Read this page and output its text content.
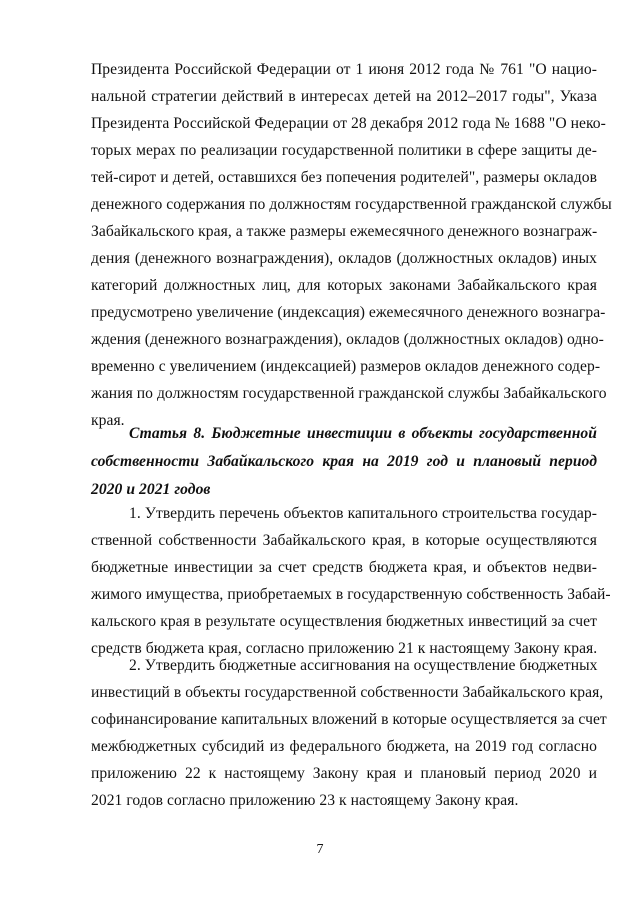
Президента Российской Федерации от 1 июня 2012 года № 761 "О нацио-
нальной стратегии действий в интересах детей на 2012–2017 годы", Указа
Президента Российской Федерации от 28 декабря 2012 года № 1688 "О неко-
торых мерах по реализации государственной политики в сфере защиты де-
тей-сирот и детей, оставшихся без попечения родителей", размеры окладов
денежного содержания по должностям государственной гражданской службы
Забайкальского края, а также размеры ежемесячного денежного вознаграж-
дения (денежного вознаграждения), окладов (должностных окладов) иных
категорий должностных лиц, для которых законами Забайкальского края
предусмотрено увеличение (индексация) ежемесячного денежного вознагра-
ждения (денежного вознаграждения), окладов (должностных окладов) одно-
временно с увеличением (индексацией) размеров окладов денежного содер-
жания по должностям государственной гражданской службы Забайкальского
края.
Статья 8. Бюджетные инвестиции в объекты государственной
собственности Забайкальского края на 2019 год и плановый период
2020 и 2021 годов
1. Утвердить перечень объектов капитального строительства государ-
ственной собственности Забайкальского края, в которые осуществляются
бюджетные инвестиции за счет средств бюджета края, и объектов недви-
жимого имущества, приобретаемых в государственную собственность Забай-
кальского края в результате осуществления бюджетных инвестиций за счет
средств бюджета края, согласно приложению 21 к настоящему Закону края.
2. Утвердить бюджетные ассигнования на осуществление бюджетных
инвестиций в объекты государственной собственности Забайкальского края,
софинансирование капитальных вложений в которые осуществляется за счет
межбюджетных субсидий из федерального бюджета, на 2019 год согласно
приложению 22 к настоящему Закону края и плановый период 2020 и
2021 годов согласно приложению 23 к настоящему Закону края.
7
